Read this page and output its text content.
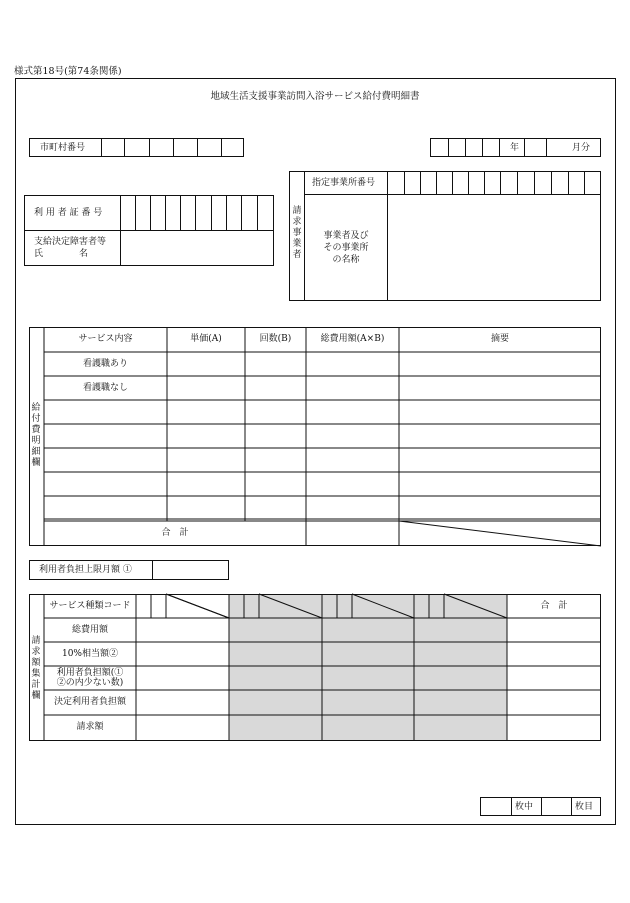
様式第18号(第74条関係)
地域生活支援事業訪問入浴サービス給付費明細書
市町村番号	年	月分
利 用 者 証 番 号
支給決定障害者等
氏　　　　名
指定事業所番号
事業者及び
その事業所
の名称
請
求
事
業
者
給
付
費
明
細
欄
サービス内容	単価(A)	回数(B)	総費用額(A×B)	摘要
看護職あり
看護職なし
合　計
利用者負担上限月額 ①
請
求
額
集
計
欄
サービス種類コード	合　計
総費用額
10%相当額②
利用者負担額(①
②の内少ない数)
決定利用者負担額
請求額
枚中	枚目
